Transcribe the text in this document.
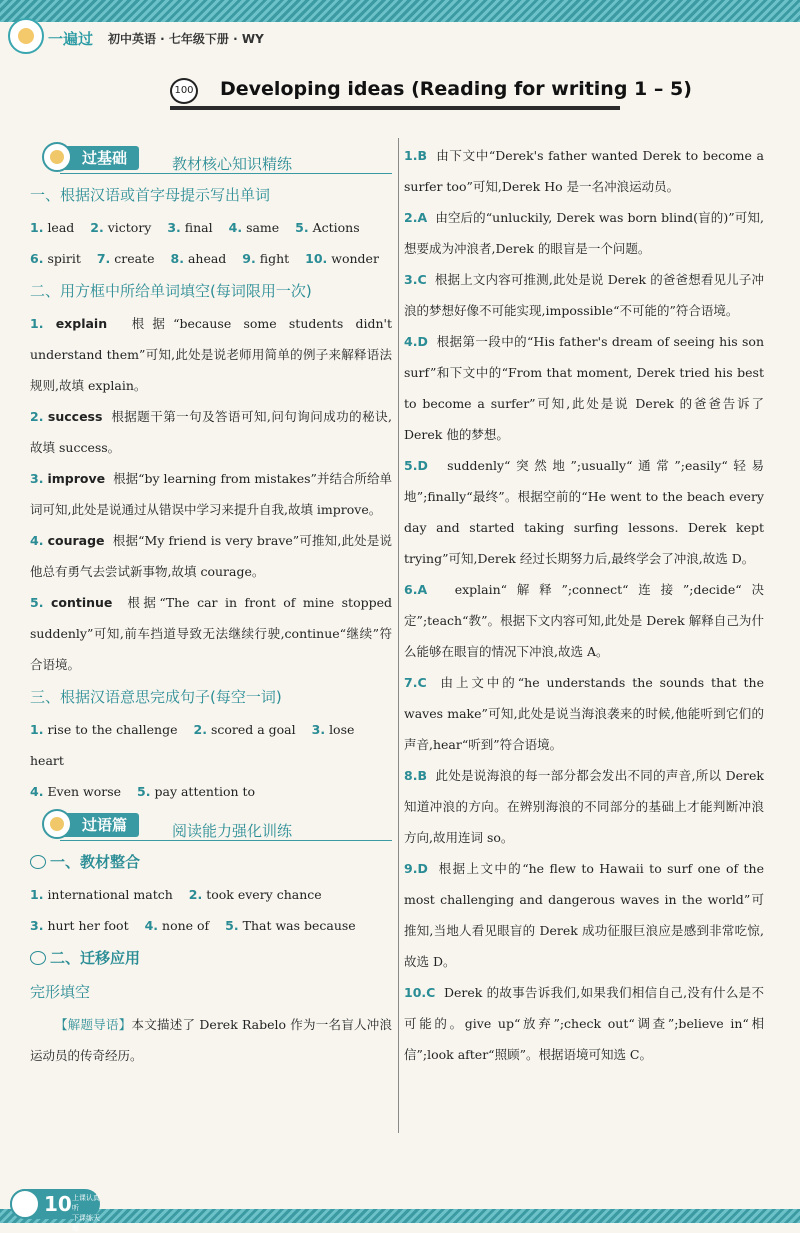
一遍过 初中英语 · 七年级下册 · WY
100 Developing ideas (Reading for writing 1 – 5)
过基础	教材核心知识精练
一、根据汉语或首字母提示写出单词
1. lead 2. victory 3. final 4. same 5. Actions
6. spirit 7. create 8. ahead 9. fight 10. wonder
二、用方框中所给单词填空(每词限用一次)

1. explain 根据“because some students didn't understand them”可知,此处是说老师用简单的例子来解释语法规则,故填 explain。

2. success 根据题干第一句及答语可知,问句询问成功的秘诀,故填 success。

3. improve 根据“by learning from mistakes”并结合所给单词可知,此处是说通过从错误中学习来提升自我,故填 improve。

4. courage 根据“My friend is very brave”可推知,此处是说他总有勇气去尝试新事物,故填 courage。

5. continue 根据“The car in front of mine stopped suddenly”可知,前车挡道导致无法继续行驶,continue“继续”符合语境。

三、根据汉语意思完成句子(每空一词)
1. rise to the challenge 2. scored a goal 3. lose heart
4. Even worse 5. pay attention to
过语篇	阅读能力强化训练
一、教材整合
1. international match 2. took every chance
3. hurt her foot 4. none of 5. That was because
二、迁移应用
完形填空

【解题导语】本文描述了 Derek Rabelo 作为一名盲人冲浪运动员的传奇经历。

1.B 由下文中“Derek's father wanted Derek to become a surfer too”可知,Derek Ho 是一名冲浪运动员。

2.A 由空后的“unluckily, Derek was born blind(盲的)”可知,想要成为冲浪者,Derek 的眼盲是一个问题。

3.C 根据上文内容可推测,此处是说 Derek 的爸爸想看见儿子冲浪的梦想好像不可能实现,impossible“不可能的”符合语境。

4.D 根据第一段中的“His father's dream of seeing his son surf”和下文中的“From that moment, Derek tried his best to become a surfer”可知,此处是说 Derek 的爸爸告诉了 Derek 他的梦想。

5.D suddenly“突然地”;usually“通常”;easily“轻易地”;finally“最终”。根据空前的“He went to the beach every day and started taking surfing lessons. Derek kept trying”可知,Derek 经过长期努力后,最终学会了冲浪,故选 D。

6.A explain“解释”;connect“连接”;decide“决定”;teach“教”。根据下文内容可知,此处是 Derek 解释自己为什么能够在眼盲的情况下冲浪,故选 A。

7.C 由上文中的“he understands the sounds that the waves make”可知,此处是说当海浪袭来的时候,他能听到它们的声音,hear“听到”符合语境。

8.B 此处是说海浪的每一部分都会发出不同的声音,所以 Derek 知道冲浪的方向。在辨别海浪的不同部分的基础上才能判断冲浪方向,故用连词 so。

9.D 根据上文中的“he flew to Hawaii to surf one of the most challenging and dangerous waves in the world”可推知,当地人看见眼盲的 Derek 成功征服巨浪应是感到非常吃惊,故选 D。

10.C Derek 的故事告诉我们,如果我们相信自己,没有什么是不可能的。give up“放弃”;check out“调查”;believe in“相信”;look after“照顾”。根据语境可知选 C。

10 上课认真听
下课练天题
